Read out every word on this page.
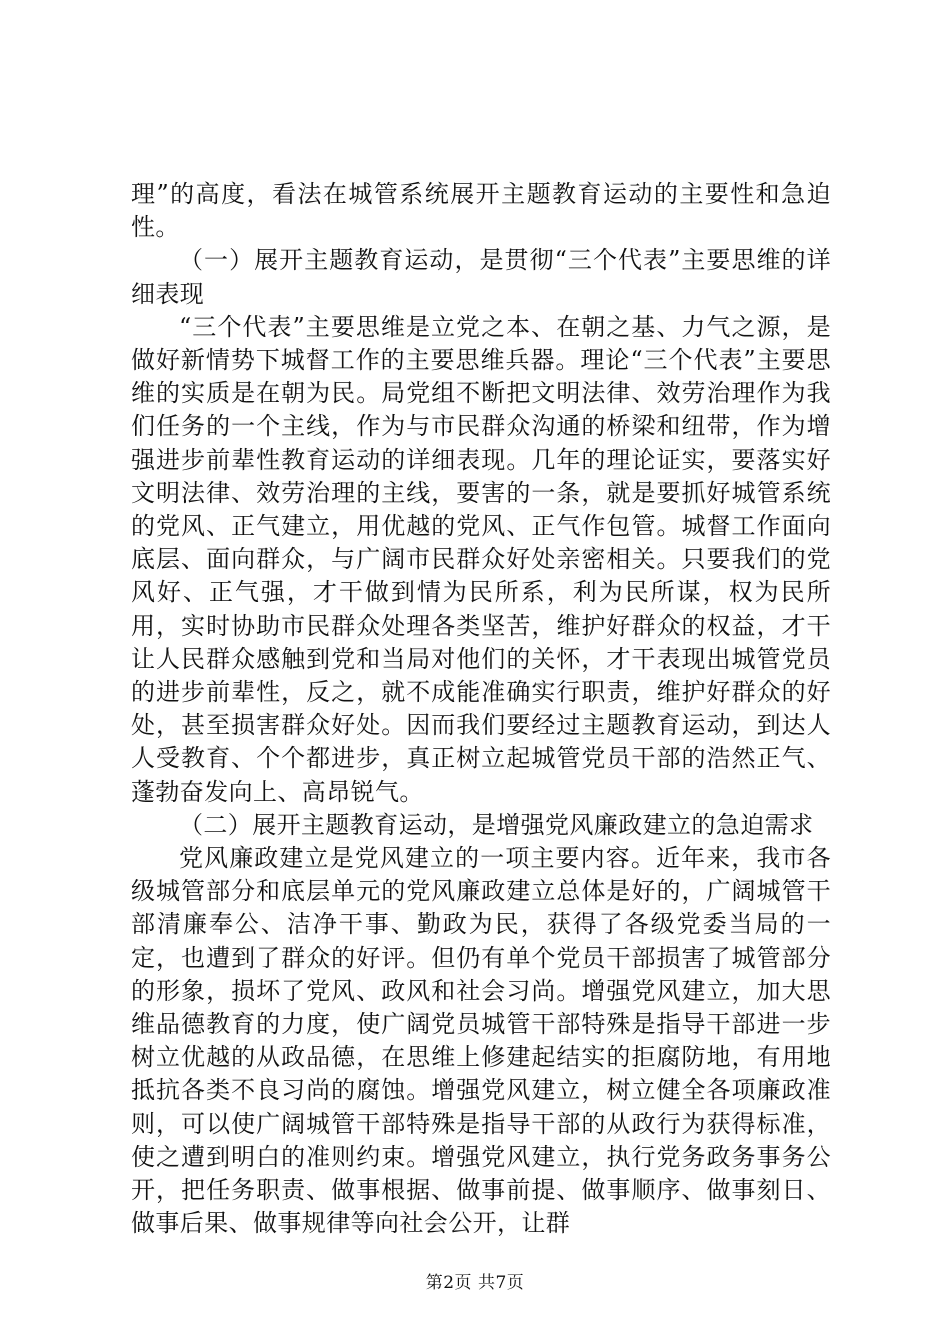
理”的高度，看法在城管系统展开主题教育运动的主要性和急迫性。

（一）展开主题教育运动，是贯彻“三个代表”主要思维的详细表现

“三个代表”主要思维是立党之本、在朝之基、力气之源，是做好新情势下城督工作的主要思维兵器。理论“三个代表”主要思维的实质是在朝为民。局党组不断把文明法律、效劳治理作为我们任务的一个主线，作为与市民群众沟通的桥梁和纽带，作为增强进步前辈性教育运动的详细表现。几年的理论证实，要落实好文明法律、效劳治理的主线，要害的一条，就是要抓好城管系统的党风、正气建立，用优越的党风、正气作包管。城督工作面向底层、面向群众，与广阔市民群众好处亲密相关。只要我们的党风好、正气强，才干做到情为民所系，利为民所谋，权为民所用，实时协助市民群众处理各类坚苦，维护好群众的权益，才干让人民群众感触到党和当局对他们的关怀，才干表现出城管党员的进步前辈性，反之，就不成能准确实行职责，维护好群众的好处，甚至损害群众好处。因而我们要经过主题教育运动，到达人人受教育、个个都进步，真正树立起城管党员干部的浩然正气、蓬勃奋发向上、高昂锐气。

（二）展开主题教育运动，是增强党风廉政建立的急迫需求

党风廉政建立是党风建立的一项主要内容。近年来，我市各级城管部分和底层单元的党风廉政建立总体是好的，广阔城管干部清廉奉公、洁净干事、勤政为民，获得了各级党委当局的一定，也遭到了群众的好评。但仍有单个党员干部损害了城管部分的形象，损坏了党风、政风和社会习尚。增强党风建立，加大思维品德教育的力度，使广阔党员城管干部特殊是指导干部进一步树立优越的从政品德，在思维上修建起结实的拒腐防地，有用地抵抗各类不良习尚的腐蚀。增强党风建立，树立健全各项廉政准则，可以使广阔城管干部特殊是指导干部的从政行为获得标准，使之遭到明白的准则约束。增强党风建立，执行党务政务事务公开，把任务职责、做事根据、做事前提、做事顺序、做事刻日、做事后果、做事规律等向社会公开，让群

第2页 共7页
